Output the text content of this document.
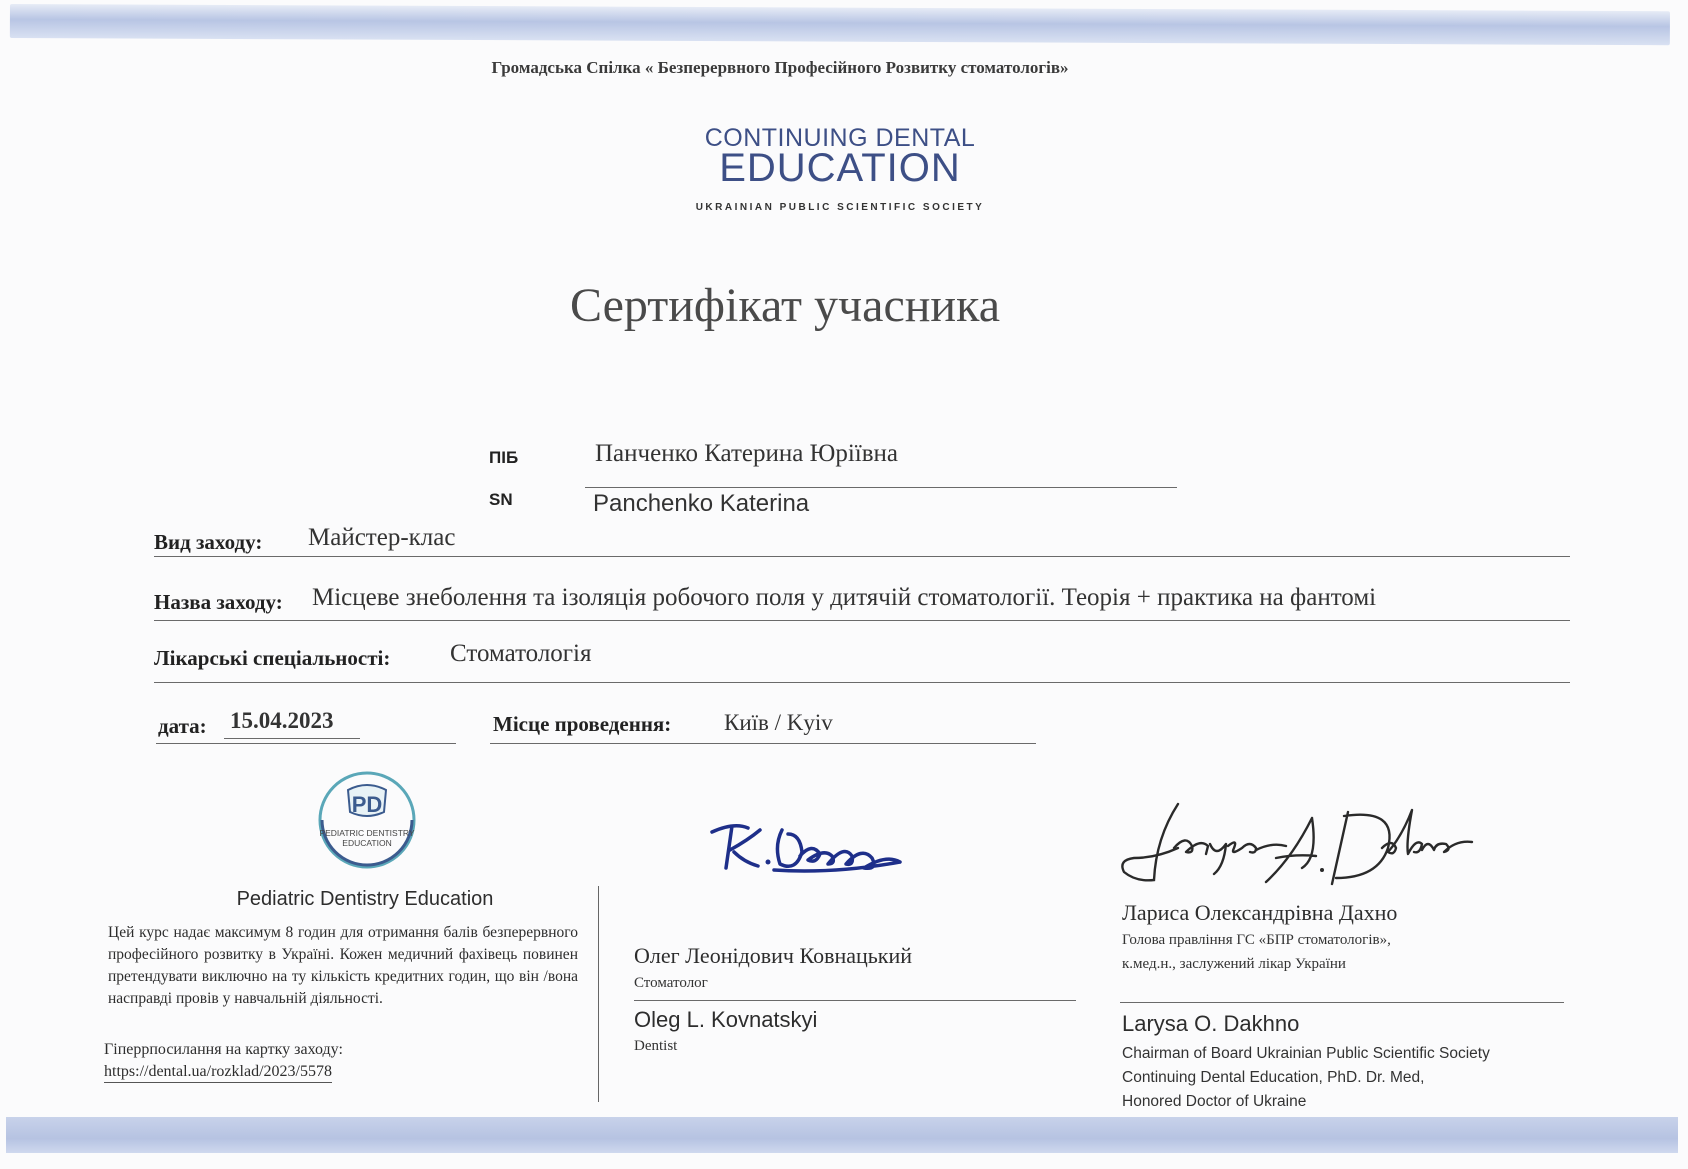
Громадська Спілка « Безперервного Професійного Розвитку стоматологів»
CONTINUING DENTAL
EDUCATION
UKRAINIAN PUBLIC SCIENTIFIC SOCIETY
Сертифікат учасника
ПІБ	Панченко Катерина Юріївна
SN	Panchenko Katerina
Вид заходу: Майстер-клас
Назва заходу: Місцеве знеболення та ізоляція робочого поля у дитячій стоматології. Теорія + практика на фантомі
Лікарські спеціальності: Стоматологія
дата: 15.04.2023	Місце проведення: Київ / Kyiv
PD
PEDIATRIC DENTISTRY
EDUCATION
Pediatric Dentistry Education
Цей курс надає максимум 8 годин для отримання балів безперервного професійного розвитку в Україні. Кожен медичний фахівець повинен претендувати виключно на ту кількість кредитних годин, що він /вона насправді провів у навчальній діяльності.
Гіперрпосилання на картку заходу:
https://dental.ua/rozklad/2023/5578
Олег Леонідович Ковнацький
Стоматолог
Oleg L. Kovnatskyi
Dentist
Лариса Олександрівна Дахно
Голова правління ГС «БПР стоматологів»,
к.мед.н., заслужений лікар України
Larysa O. Dakhno
Chairman of Board Ukrainian Public Scientific Society
Continuing Dental Education, PhD. Dr. Med,
Honored Doctor of Ukraine
